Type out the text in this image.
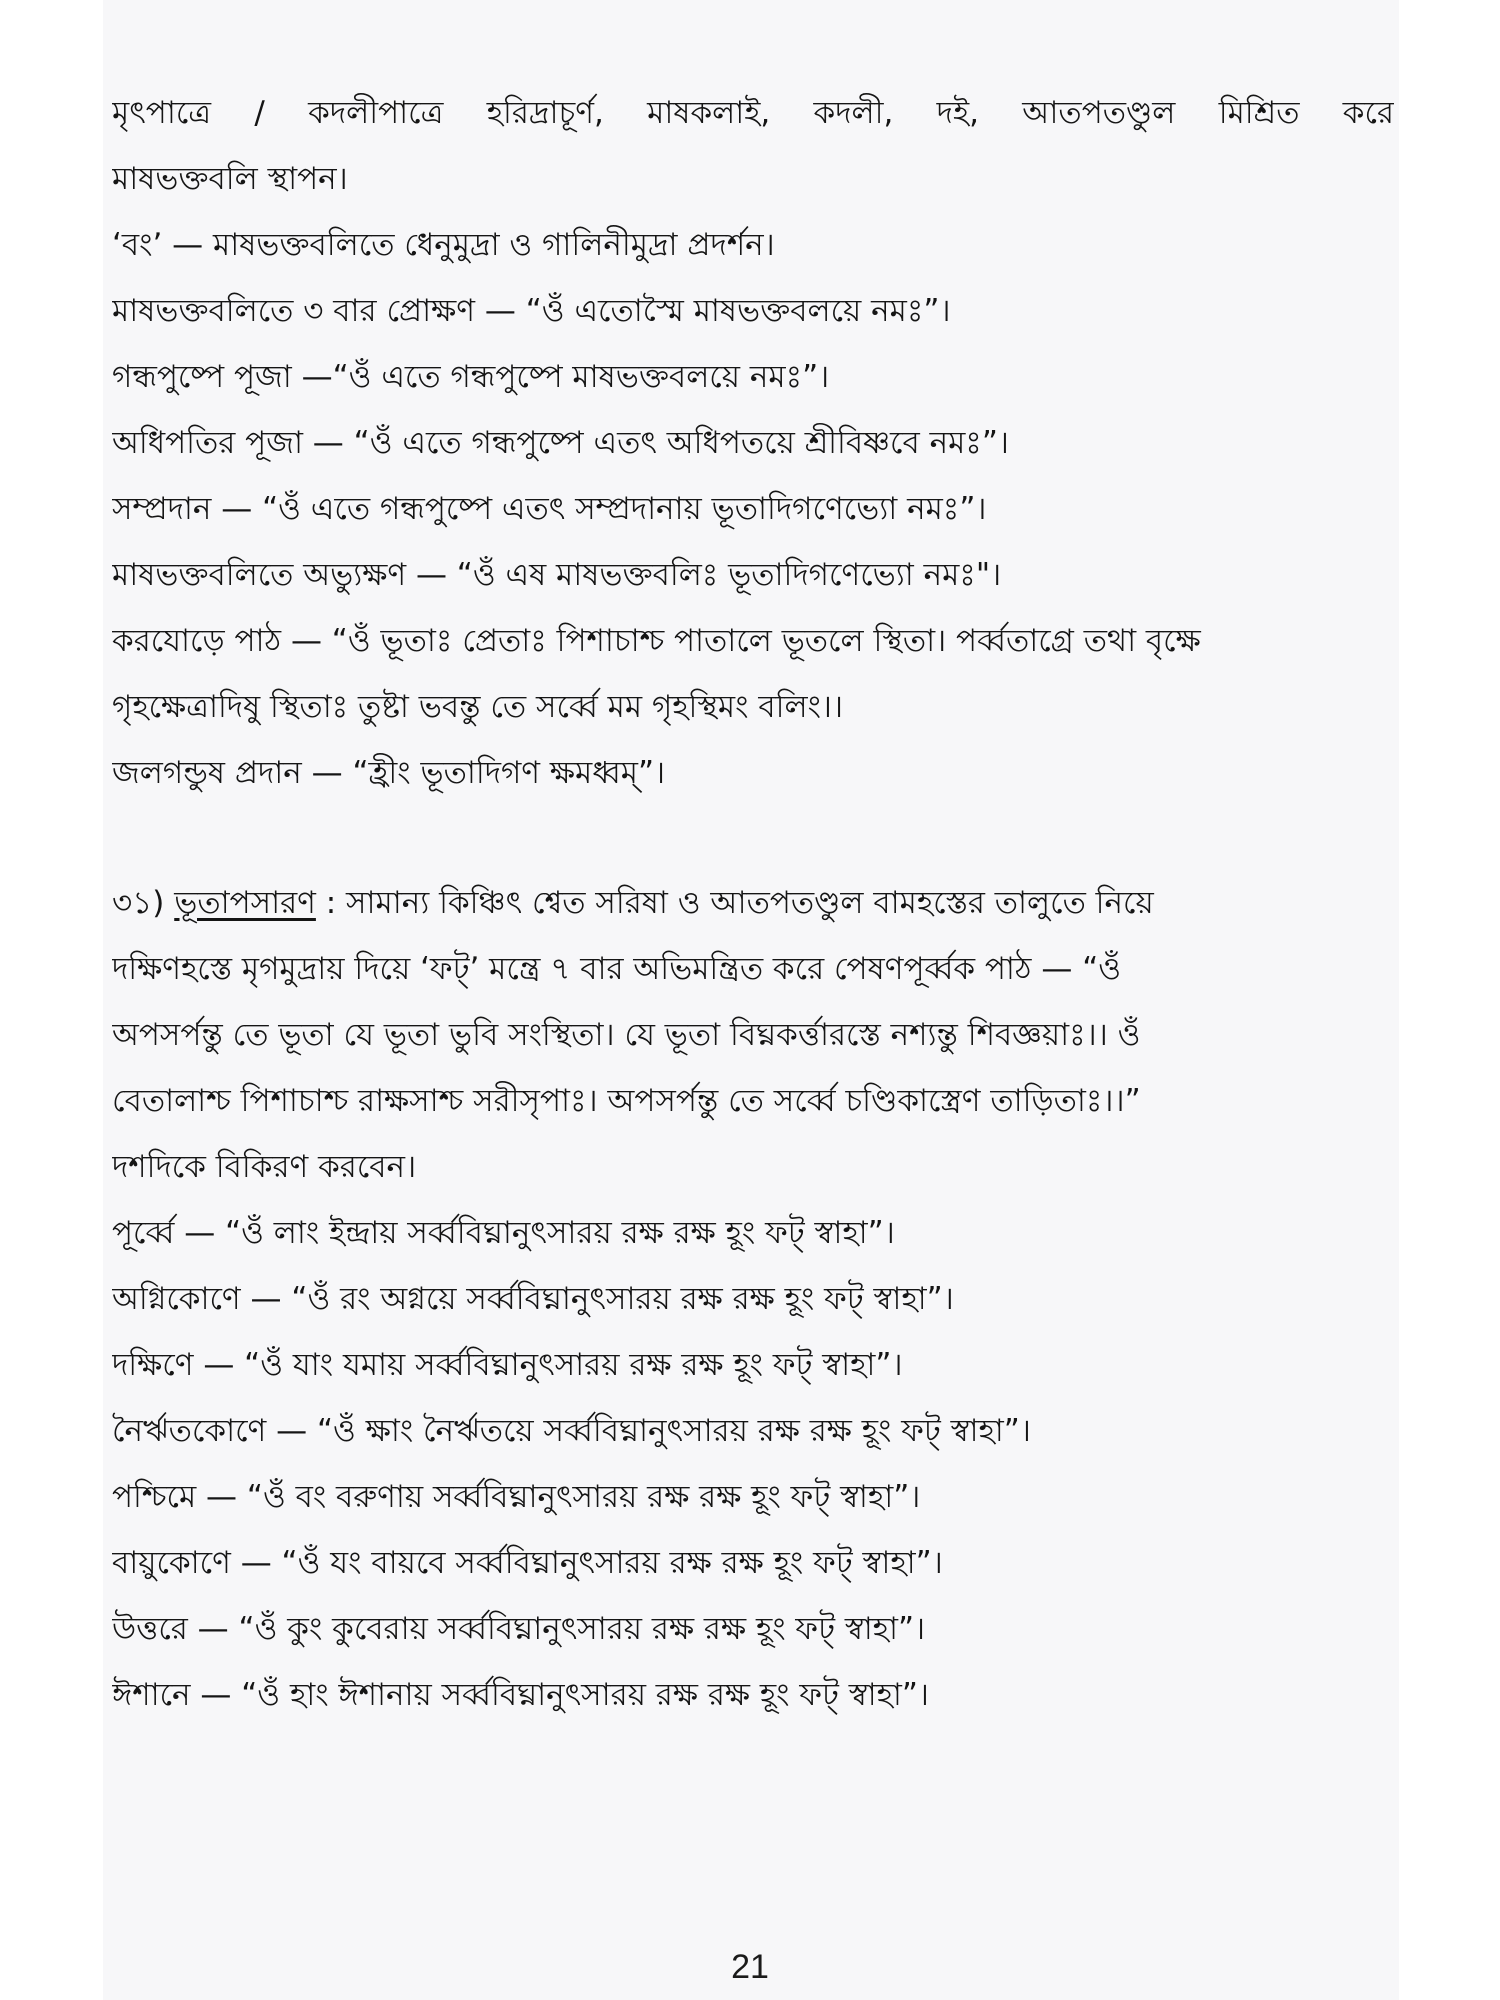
মৃৎপাত্রে / কদলীপাত্রে হরিদ্রাচূর্ণ, মাষকলাই, কদলী, দই, আতপতণ্ডুল মিশ্রিত করে
মাষভক্তবলি স্থাপন।
‘বং’ — মাষভক্তবলিতে ধেনুমুদ্রা ও গালিনীমুদ্রা প্রদর্শন।
মাষভক্তবলিতে ৩ বার প্রোক্ষণ — “ওঁ এতোস্মৈ মাষভক্তবলয়ে নমঃ”।
গন্ধপুষ্পে পূজা —“ওঁ এতে গন্ধপুষ্পে মাষভক্তবলয়ে নমঃ”।
অধিপতির পূজা — “ওঁ এতে গন্ধপুষ্পে এতৎ অধিপতয়ে শ্রীবিষ্ণবে নমঃ”।
সম্প্রদান — “ওঁ এতে গন্ধপুষ্পে এতৎ সম্প্রদানায় ভূতাদিগণেভ্যো নমঃ”।
মাষভক্তবলিতে অভ্যুক্ষণ — “ওঁ এষ মাষভক্তবলিঃ ভূতাদিগণেভ্যো নমঃ"।
করযোড়ে পাঠ — “ওঁ ভূতাঃ প্রেতাঃ পিশাচাশ্চ পাতালে ভূতলে স্থিতা। পর্ব্বতাগ্রে তথা বৃক্ষে
গৃহক্ষেত্রাদিষু স্থিতাঃ তুষ্টা ভবন্তু তে সর্ব্বে মম গৃহস্থিমং বলিং।।
জলগন্ডুষ প্রদান — “হ্রীং ভূতাদিগণ ক্ষমধ্বম্”।
৩১) ভূতাপসারণ : সামান্য কিঞ্চিৎ শ্বেত সরিষা ও আতপতণ্ডুল বামহস্তের তালুতে নিয়ে
দক্ষিণহস্তে মৃগমুদ্রায় দিয়ে ‘ফট্’ মন্ত্রে ৭ বার অভিমন্ত্রিত করে পেষণপূর্ব্বক পাঠ — “ওঁ
অপসর্পন্তু তে ভূতা যে ভূতা ভুবি সংস্থিতা। যে ভূতা বিঘ্নকর্ত্তারস্তে নশ্যন্তু শিবজ্ঞয়াঃ।। ওঁ
বেতালাশ্চ পিশাচাশ্চ রাক্ষসাশ্চ সরীসৃপাঃ। অপসর্পন্তু তে সর্ব্বে চণ্ডিকাস্ত্রেণ তাড়িতাঃ।।”
দশদিকে বিকিরণ করবেন।
পূর্ব্বে — “ওঁ লাং ইন্দ্রায় সর্ব্ববিঘ্নানুৎসারয় রক্ষ রক্ষ হূং ফট্ স্বাহা”।
অগ্নিকোণে — “ওঁ রং অগ্নয়ে সর্ব্ববিঘ্নানুৎসারয় রক্ষ রক্ষ হূং ফট্ স্বাহা”।
দক্ষিণে — “ওঁ যাং যমায় সর্ব্ববিঘ্নানুৎসারয় রক্ষ রক্ষ হূং ফট্ স্বাহা”।
নৈর্ঋতকোণে — “ওঁ ক্ষাং নৈর্ঋতয়ে সর্ব্ববিঘ্নানুৎসারয় রক্ষ রক্ষ হূং ফট্ স্বাহা”।
পশ্চিমে — “ওঁ বং বরুণায় সর্ব্ববিঘ্নানুৎসারয় রক্ষ রক্ষ হূং ফট্ স্বাহা”।
বায়ুকোণে — “ওঁ যং বায়বে সর্ব্ববিঘ্নানুৎসারয় রক্ষ রক্ষ হূং ফট্ স্বাহা”।
উত্তরে — “ওঁ কুং কুবেরায় সর্ব্ববিঘ্নানুৎসারয় রক্ষ রক্ষ হূং ফট্ স্বাহা”।
ঈশানে — “ওঁ হাং ঈশানায় সর্ব্ববিঘ্নানুৎসারয় রক্ষ রক্ষ হূং ফট্ স্বাহা”।
21
